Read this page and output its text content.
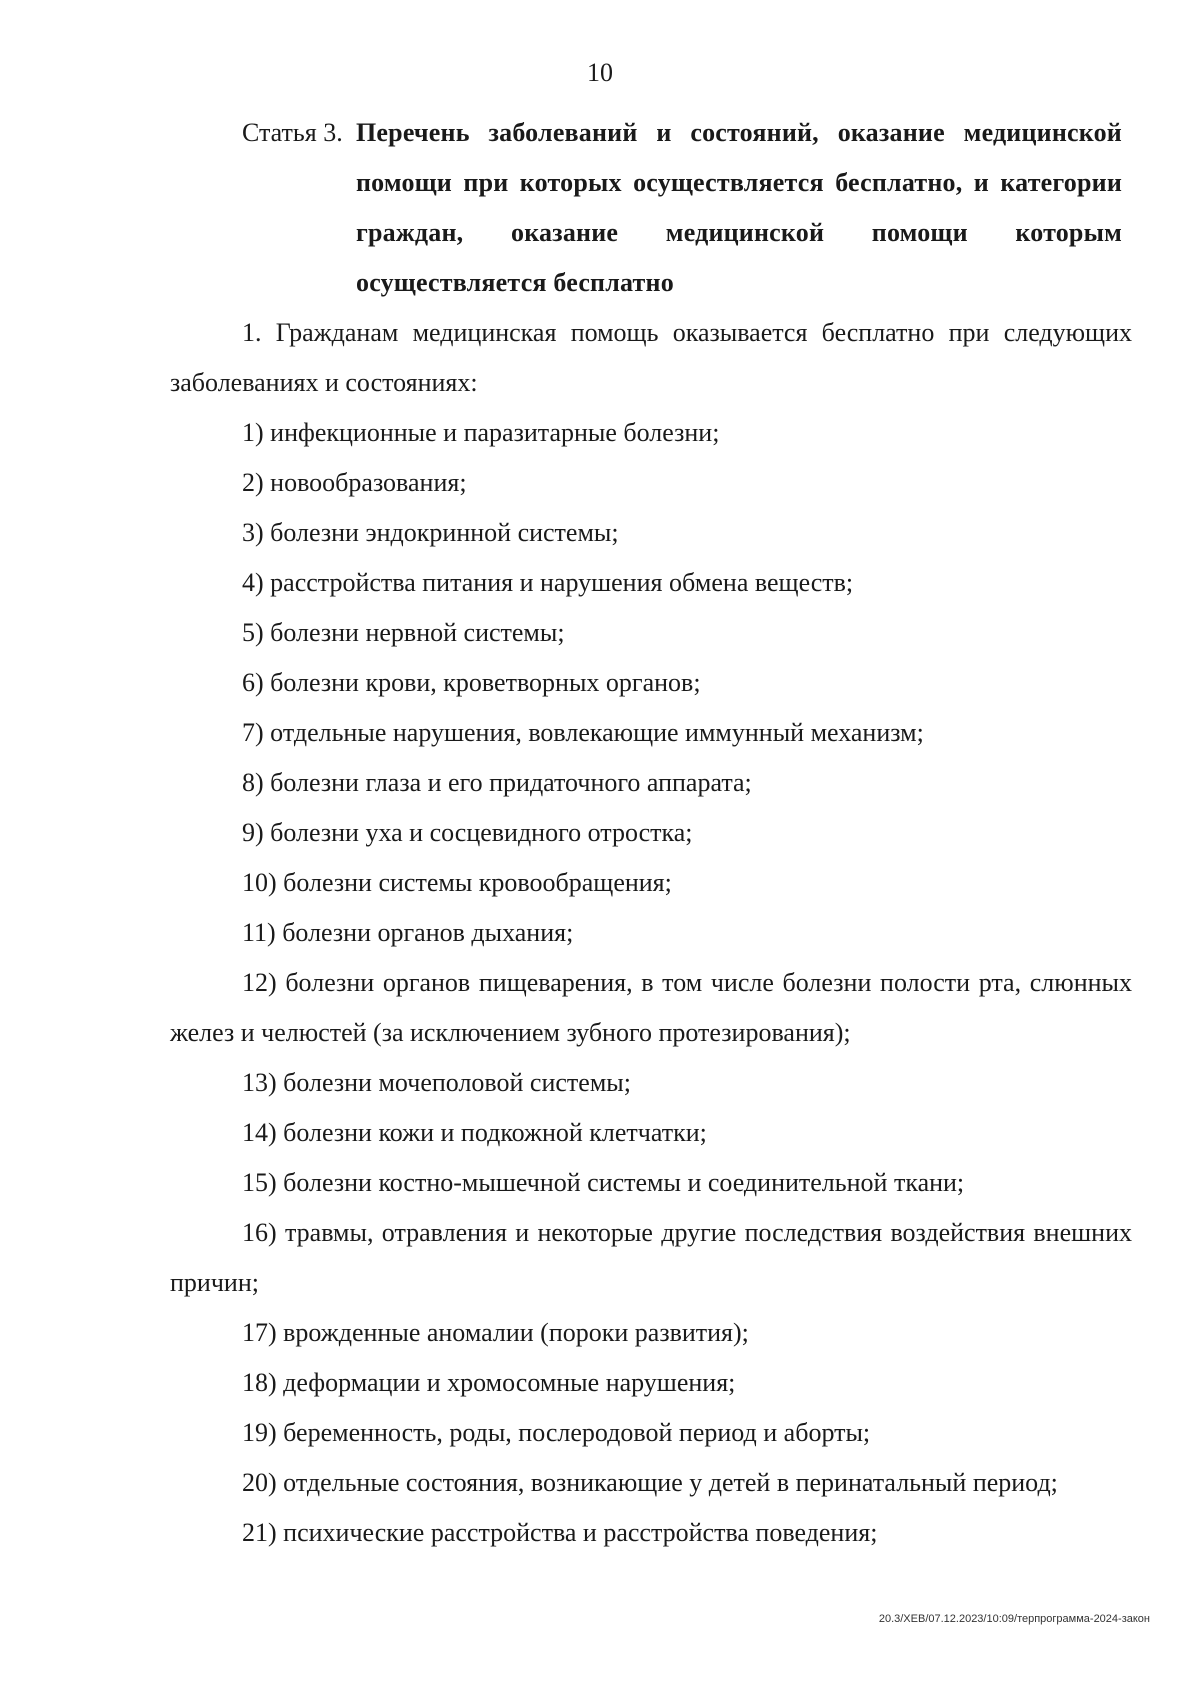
10
Статья 3. Перечень заболеваний и состояний, оказание медицинской помощи при которых осуществляется бесплатно, и категории граждан, оказание медицинской помощи которым осуществляется бесплатно

1. Гражданам медицинская помощь оказывается бесплатно при следующих заболеваниях и состояниях:

1) инфекционные и паразитарные болезни;

2) новообразования;

3) болезни эндокринной системы;

4) расстройства питания и нарушения обмена веществ;

5) болезни нервной системы;

6) болезни крови, кроветворных органов;

7) отдельные нарушения, вовлекающие иммунный механизм;

8) болезни глаза и его придаточного аппарата;

9) болезни уха и сосцевидного отростка;

10) болезни системы кровообращения;

11) болезни органов дыхания;

12) болезни органов пищеварения, в том числе болезни полости рта, слюнных желез и челюстей (за исключением зубного протезирования);

13) болезни мочеполовой системы;

14) болезни кожи и подкожной клетчатки;

15) болезни костно-мышечной системы и соединительной ткани;

16) травмы, отравления и некоторые другие последствия воздействия внешних причин;

17) врожденные аномалии (пороки развития);

18) деформации и хромосомные нарушения;

19) беременность, роды, послеродовой период и аборты;

20) отдельные состояния, возникающие у детей в перинатальный период;

21) психические расстройства и расстройства поведения;

20.3/ХЕВ/07.12.2023/10:09/терпрограмма-2024-закон
